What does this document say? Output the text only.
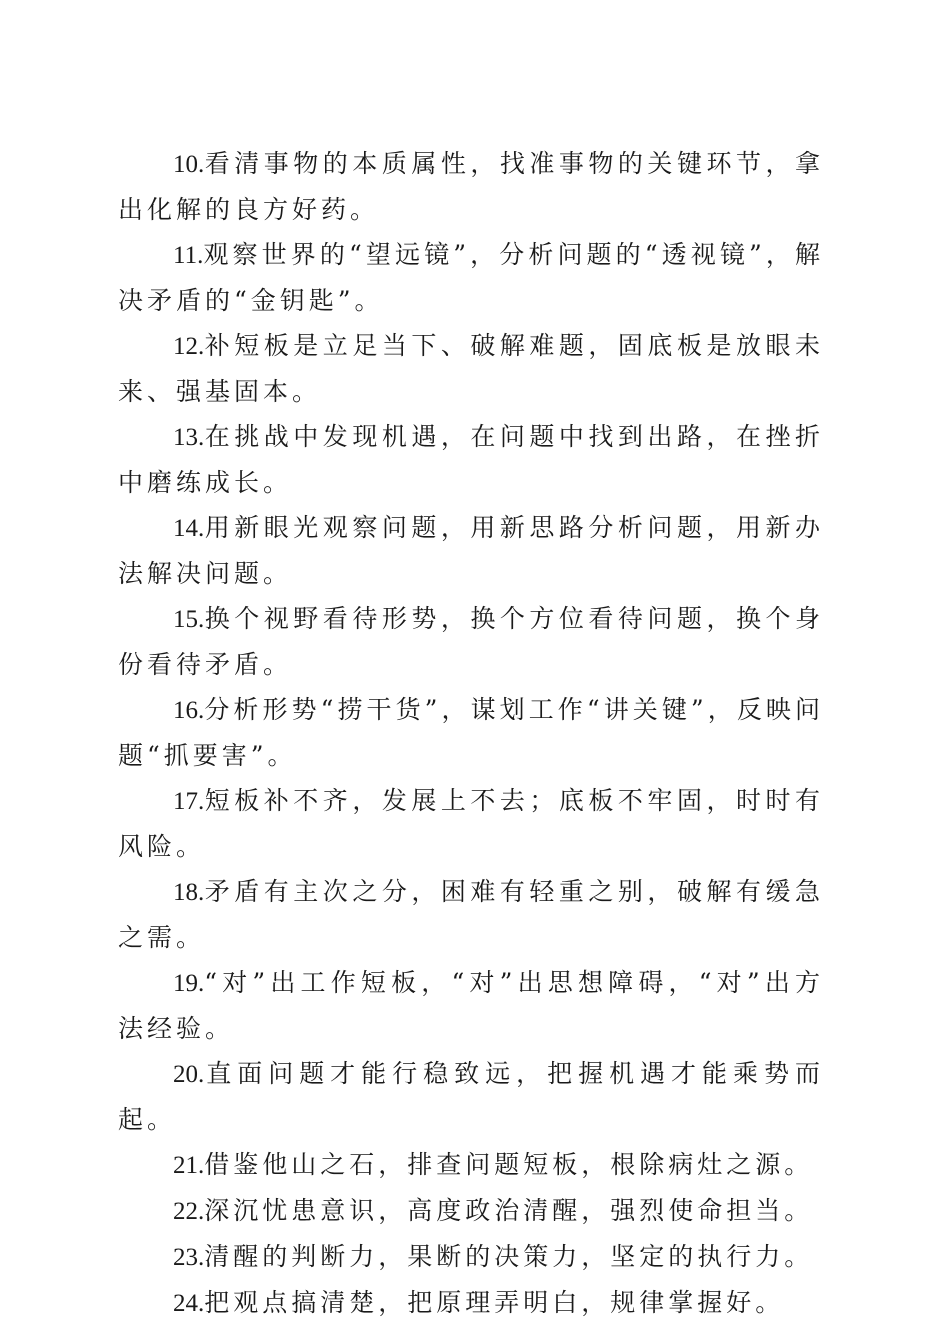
10.看清事物的本质属性，找准事物的关键环节，拿出化解的良方好药。

11.观察世界的“望远镜”，分析问题的“透视镜”，解决矛盾的“金钥匙”。

12.补短板是立足当下、破解难题，固底板是放眼未来、强基固本。

13.在挑战中发现机遇，在问题中找到出路，在挫折中磨练成长。

14.用新眼光观察问题，用新思路分析问题，用新办法解决问题。

15.换个视野看待形势，换个方位看待问题，换个身份看待矛盾。

16.分析形势“捞干货”，谋划工作“讲关键”，反映问题“抓要害”。

17.短板补不齐，发展上不去；底板不牢固，时时有风险。

18.矛盾有主次之分，困难有轻重之别，破解有缓急之需。

19.“对”出工作短板，“对”出思想障碍，“对”出方法经验。

20.直面问题才能行稳致远，把握机遇才能乘势而起。

21.借鉴他山之石，排查问题短板，根除病灶之源。

22.深沉忧患意识，高度政治清醒，强烈使命担当。

23.清醒的判断力，果断的决策力，坚定的执行力。

24.把观点搞清楚，把原理弄明白，规律掌握好。
